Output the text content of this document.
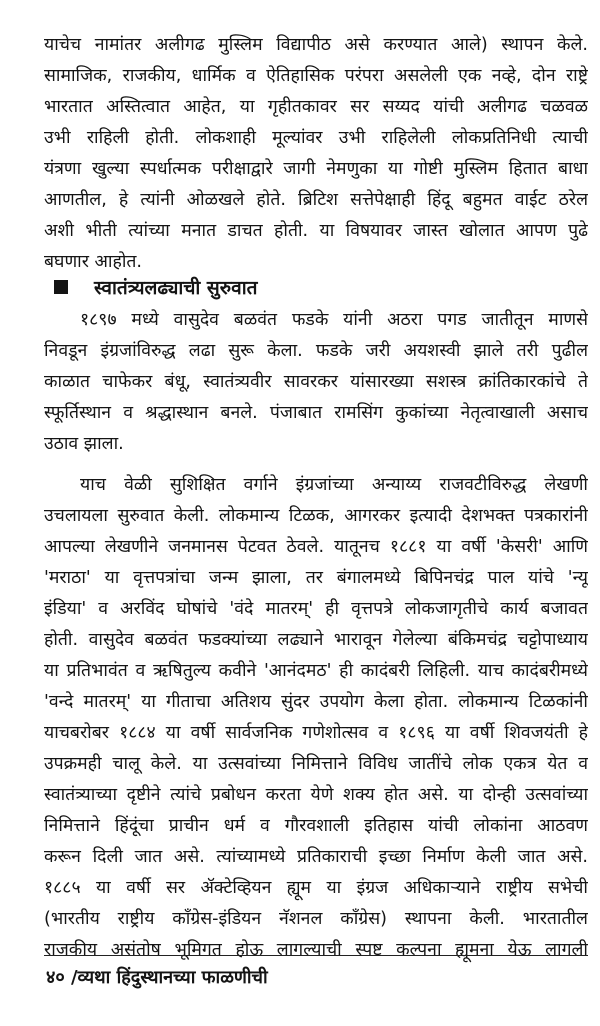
याचेच नामांतर अलीगढ मुस्लिम विद्यापीठ असे करण्यात आले) स्थापन केले.
सामाजिक, राजकीय, धार्मिक व ऐतिहासिक परंपरा असलेली एक नव्हे, दोन राष्ट्रे
भारतात अस्तित्वात आहेत, या गृहीतकावर सर सय्यद यांची अलीगढ चळवळ
उभी राहिली होती. लोकशाही मूल्यांवर उभी राहिलेली लोकप्रतिनिधी त्याची
यंत्रणा खुल्या स्पर्धात्मक परीक्षाद्वारे जागी नेमणुका या गोष्टी मुस्लिम हितात बाधा
आणतील, हे त्यांनी ओळखले होते. ब्रिटिश सत्तेपेक्षाही हिंदू बहुमत वाईट ठरेल
अशी भीती त्यांच्या मनात डाचत होती. या विषयावर जास्त खोलात आपण पुढे
बघणार आहोत.
स्वातंत्र्यलढ्याची सुरुवात
१८९७ मध्ये वासुदेव बळवंत फडके यांनी अठरा पगड जातीतून माणसे
निवडून इंग्रजांविरुद्ध लढा सुरू केला. फडके जरी अयशस्वी झाले तरी पुढील
काळात चाफेकर बंधू, स्वातंत्र्यवीर सावरकर यांसारख्या सशस्त्र क्रांतिकारकांचे ते
स्फूर्तिस्थान व श्रद्धास्थान बनले. पंजाबात रामसिंग कुकांच्या नेतृत्वाखाली असाच
उठाव झाला.
याच वेळी सुशिक्षित वर्गाने इंग्रजांच्या अन्याय्य राजवटीविरुद्ध लेखणी
उचलायला सुरुवात केली. लोकमान्य टिळक, आगरकर इत्यादी देशभक्त पत्रकारांनी
आपल्या लेखणीने जनमानस पेटवत ठेवले. यातूनच १८८१ या वर्षी 'केसरी' आणि
'मराठा' या वृत्तपत्रांचा जन्म झाला, तर बंगालमध्ये बिपिनचंद्र पाल यांचे 'न्यू
इंडिया' व अरविंद घोषांचे 'वंदे मातरम्' ही वृत्तपत्रे लोकजागृतीचे कार्य बजावत
होती. वासुदेव बळवंत फडक्यांच्या लढ्याने भारावून गेलेल्या बंकिमचंद्र चट्टोपाध्याय
या प्रतिभावंत व ऋषितुल्य कवीने 'आनंदमठ' ही कादंबरी लिहिली. याच कादंबरीमध्ये
'वन्दे मातरम्' या गीताचा अतिशय सुंदर उपयोग केला होता. लोकमान्य टिळकांनी
याचबरोबर १८८४ या वर्षी सार्वजनिक गणेशोत्सव व १८९६ या वर्षी शिवजयंती हे
उपक्रमही चालू केले. या उत्सवांच्या निमित्ताने विविध जातींचे लोक एकत्र येत व
स्वातंत्र्याच्या दृष्टीने त्यांचे प्रबोधन करता येणे शक्य होत असे. या दोन्ही उत्सवांच्या
निमित्ताने हिंदूंचा प्राचीन धर्म व गौरवशाली इतिहास यांची लोकांना आठवण
करून दिली जात असे. त्यांच्यामध्ये प्रतिकाराची इच्छा निर्माण केली जात असे.
१८८५ या वर्षी सर ॲक्टेव्हियन ह्यूम या इंग्रज अधिकाऱ्याने राष्ट्रीय सभेची
(भारतीय राष्ट्रीय काँग्रेस-इंडियन नॅशनल काँग्रेस) स्थापना केली. भारतातील
राजकीय असंतोष भूमिगत होऊ लागल्याची स्पष्ट कल्पना ह्यूमना येऊ लागली
४० /व्यथा हिंदुस्थानच्या फाळणीची
